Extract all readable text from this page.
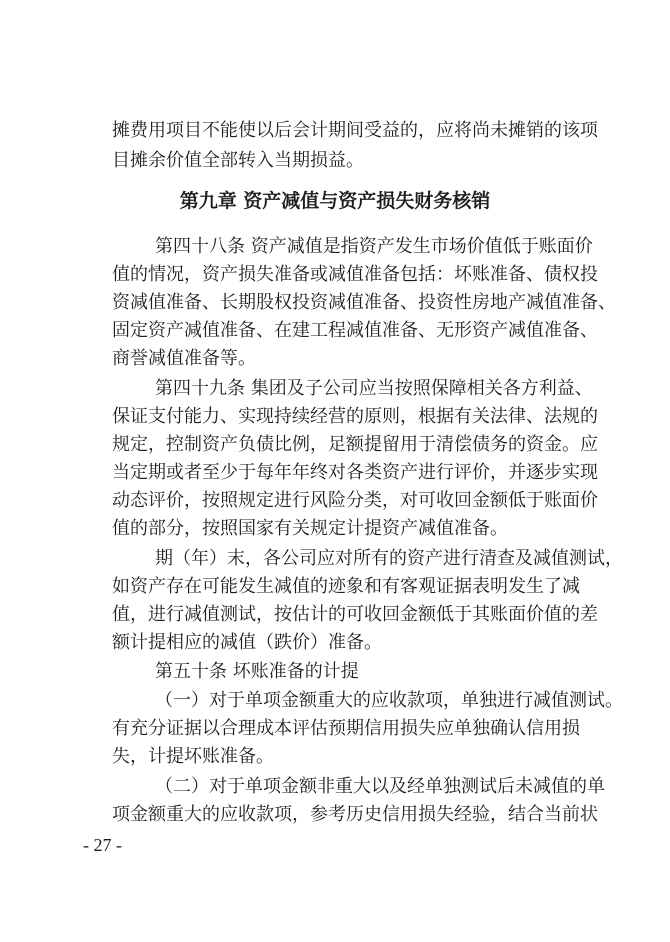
摊费用项目不能使以后会计期间受益的，应将尚未摊销的该项
目摊余价值全部转入当期损益。
第九章 资产减值与资产损失财务核销
第四十八条 资产减值是指资产发生市场价值低于账面价
值的情况，资产损失准备或减值准备包括：坏账准备、债权投
资减值准备、长期股权投资减值准备、投资性房地产减值准备、
固定资产减值准备、在建工程减值准备、无形资产减值准备、
商誉减值准备等。
第四十九条 集团及子公司应当按照保障相关各方利益、
保证支付能力、实现持续经营的原则，根据有关法律、法规的
规定，控制资产负债比例，足额提留用于清偿债务的资金。应
当定期或者至少于每年年终对各类资产进行评价，并逐步实现
动态评价，按照规定进行风险分类，对可收回金额低于账面价
值的部分，按照国家有关规定计提资产减值准备。
期（年）末，各公司应对所有的资产进行清查及减值测试，
如资产存在可能发生减值的迹象和有客观证据表明发生了减
值，进行减值测试，按估计的可收回金额低于其账面价值的差
额计提相应的减值（跌价）准备。
第五十条 坏账准备的计提
（一）对于单项金额重大的应收款项，单独进行减值测试。
有充分证据以合理成本评估预期信用损失应单独确认信用损
失，计提坏账准备。
（二）对于单项金额非重大以及经单独测试后未减值的单
项金额重大的应收款项，参考历史信用损失经验，结合当前状
- 27 -
